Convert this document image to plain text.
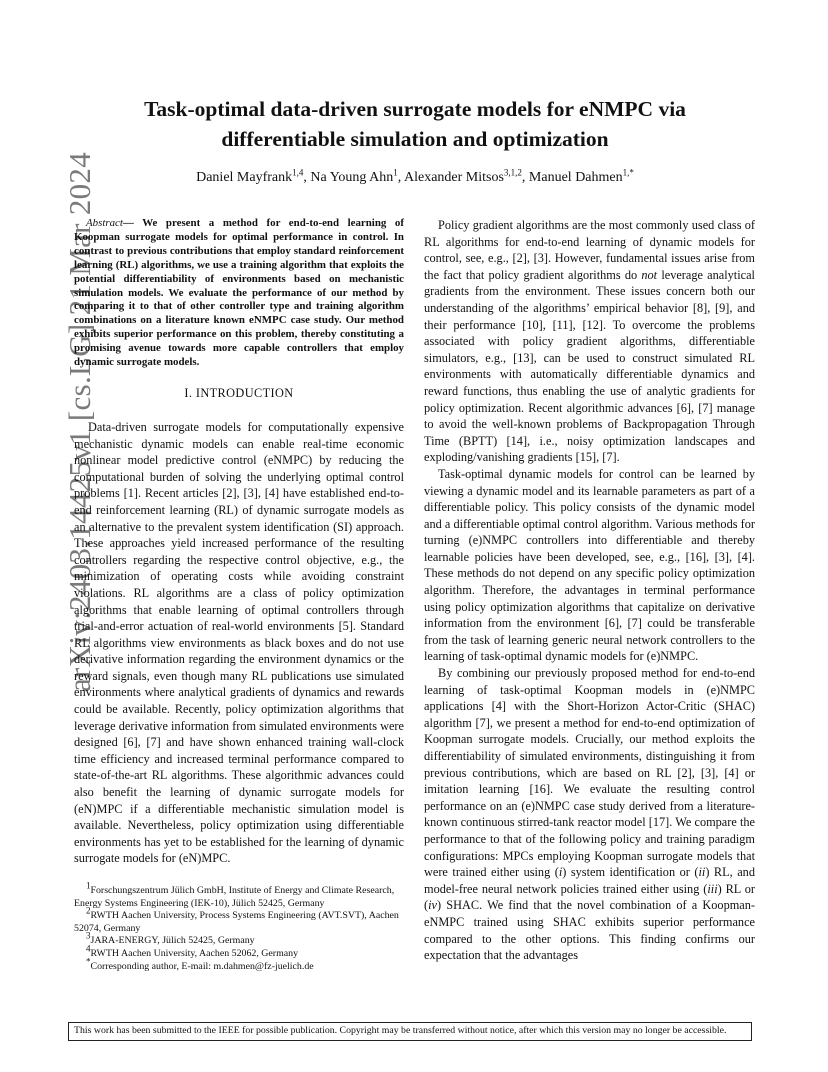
arXiv:2403.14425v1 [cs.LG] 21 Mar 2024
Task-optimal data-driven surrogate models for eNMPC via differentiable simulation and optimization
Daniel Mayfrank$^{1,4}$, Na Young Ahn$^1$, Alexander Mitsos$^{3,1,2}$, Manuel Dahmen$^{1,*}$

Abstract— We present a method for end-to-end learning of Koopman surrogate models for optimal performance in control. In contrast to previous contributions that employ standard reinforcement learning (RL) algorithms, we use a training algorithm that exploits the potential differentiability of environments based on mechanistic simulation models. We evaluate the performance of our method by comparing it to that of other controller type and training algorithm combinations on a literature known eNMPC case study. Our method exhibits superior performance on this problem, thereby constituting a promising avenue towards more capable controllers that employ dynamic surrogate models.

I. INTRODUCTION

Data-driven surrogate models for computationally expensive mechanistic dynamic models can enable real-time economic nonlinear model predictive control (eNMPC) by reducing the computational burden of solving the underlying optimal control problems [1]. Recent articles [2], [3], [4] have established end-to-end reinforcement learning (RL) of dynamic surrogate models as an alternative to the prevalent system identification (SI) approach. These approaches yield increased performance of the resulting controllers regarding the respective control objective, e.g., the minimization of operating costs while avoiding constraint violations. RL algorithms are a class of policy optimization algorithms that enable learning of optimal controllers through trial-and-error actuation of real-world environments [5]. Standard RL algorithms view environments as black boxes and do not use derivative information regarding the environment dynamics or the reward signals, even though many RL publications use simulated environments where analytical gradients of dynamics and rewards could be available. Recently, policy optimization algorithms that leverage derivative information from simulated environments were designed [6], [7] and have shown enhanced training wall-clock time efficiency and increased terminal performance compared to state-of-the-art RL algorithms. These algorithmic advances could also benefit the learning of dynamic surrogate models for (eN)MPC if a differentiable mechanistic simulation model is available. Nevertheless, policy optimization using differentiable environments has yet to be established for the learning of dynamic surrogate models for (eN)MPC.

$^1$Forschungszentrum Jülich GmbH, Institute of Energy and Climate Research, Energy Systems Engineering (IEK-10), Jülich 52425, Germany

$^2$RWTH Aachen University, Process Systems Engineering (AVT.SVT), Aachen 52074, Germany

$^3$JARA-ENERGY, Jülich 52425, Germany

$^4$RWTH Aachen University, Aachen 52062, Germany

*Corresponding author, E-mail: m.dahmen@fz-juelich.de

Policy gradient algorithms are the most commonly used class of RL algorithms for end-to-end learning of dynamic models for control, see, e.g., [2], [3]. However, fundamental issues arise from the fact that policy gradient algorithms do not leverage analytical gradients from the environment. These issues concern both our understanding of the algorithms’ empirical behavior [8], [9], and their performance [10], [11], [12]. To overcome the problems associated with policy gradient algorithms, differentiable simulators, e.g., [13], can be used to construct simulated RL environments with automatically differentiable dynamics and reward functions, thus enabling the use of analytic gradients for policy optimization. Recent algorithmic advances [6], [7] manage to avoid the well-known problems of Backpropagation Through Time (BPTT) [14], i.e., noisy optimization landscapes and exploding/vanishing gradients [15], [7].

Task-optimal dynamic models for control can be learned by viewing a dynamic model and its learnable parameters as part of a differentiable policy. This policy consists of the dynamic model and a differentiable optimal control algorithm. Various methods for turning (e)NMPC controllers into differentiable and thereby learnable policies have been developed, see, e.g., [16], [3], [4]. These methods do not depend on any specific policy optimization algorithm. Therefore, the advantages in terminal performance using policy optimization algorithms that capitalize on derivative information from the environment [6], [7] could be transferable from the task of learning generic neural network controllers to the learning of task-optimal dynamic models for (e)NMPC.

By combining our previously proposed method for end-to-end learning of task-optimal Koopman models in (e)NMPC applications [4] with the Short-Horizon Actor-Critic (SHAC) algorithm [7], we present a method for end-to-end optimization of Koopman surrogate models. Crucially, our method exploits the differentiability of simulated environments, distinguishing it from previous contributions, which are based on RL [2], [3], [4] or imitation learning [16]. We evaluate the resulting control performance on an (e)NMPC case study derived from a literature-known continuous stirred-tank reactor model [17]. We compare the performance to that of the following policy and training paradigm configurations: MPCs employing Koopman surrogate models that were trained either using (i) system identification or (ii) RL, and model-free neural network policies trained either using (iii) RL or (iv) SHAC. We find that the novel combination of a Koopman-eNMPC trained using SHAC exhibits superior performance compared to the other options. This finding confirms our expectation that the advantages

This work has been submitted to the IEEE for possible publication. Copyright may be transferred without notice, after which this version may no longer be accessible.
